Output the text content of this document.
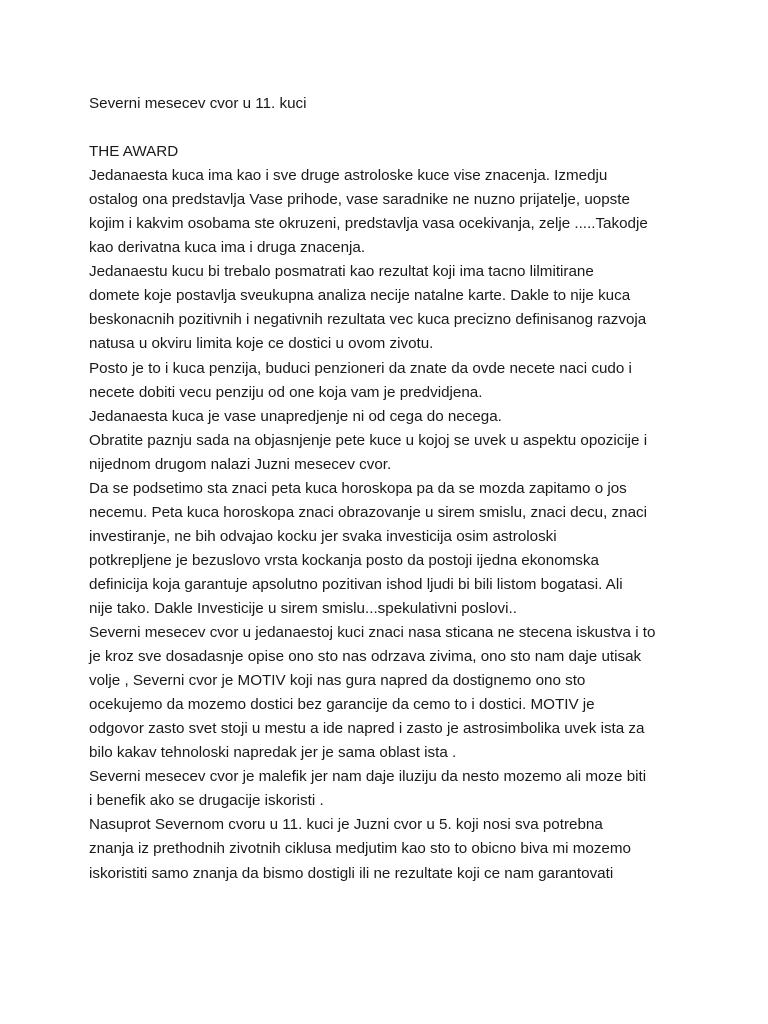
Severni mesecev cvor u 11. kuci
THE AWARD
Jedanaesta kuca ima kao i sve druge astroloske kuce vise znacenja. Izmedju
ostalog ona predstavlja Vase prihode, vase saradnike ne nuzno prijatelje, uopste
kojim i kakvim osobama ste okruzeni, predstavlja vasa ocekivanja, zelje .....Takodje
kao derivatna kuca ima i druga znacenja.
Jedanaestu kucu bi trebalo posmatrati kao rezultat koji ima tacno lilmitirane
domete koje postavlja sveukupna analiza necije natalne karte. Dakle to nije kuca
beskonacnih pozitivnih i negativnih rezultata vec kuca precizno definisanog razvoja
natusa u okviru limita koje ce dostici u ovom zivotu.
Posto je to i kuca penzija, buduci penzioneri da znate da ovde necete naci cudo i
necete dobiti vecu penziju od one koja vam je predvidjena.
Jedanaesta kuca je vase unapredjenje ni od cega do necega.
Obratite paznju sada na objasnjenje pete kuce u kojoj se uvek u aspektu opozicije i
nijednom drugom nalazi Juzni mesecev cvor.
Da se podsetimo sta znaci peta kuca horoskopa pa da se mozda zapitamo o jos
necemu. Peta kuca horoskopa znaci obrazovanje u sirem smislu, znaci decu, znaci
investiranje, ne bih odvajao kocku jer svaka investicija osim astroloski
potkrepljene je bezuslovo vrsta kockanja posto da postoji ijedna ekonomska
definicija koja garantuje apsolutno pozitivan ishod ljudi bi bili listom bogatasi. Ali
nije tako. Dakle Investicije u sirem smislu...spekulativni poslovi..
Severni mesecev cvor u jedanaestoj kuci znaci nasa sticana ne stecena iskustva i to
je kroz sve dosadasnje opise ono sto nas odrzava zivima, ono sto nam daje utisak
volje , Severni cvor je MOTIV koji nas gura napred da dostignemo ono sto
ocekujemo da mozemo dostici bez garancije da cemo to i dostici. MOTIV je
odgovor zasto svet stoji u mestu a ide napred i zasto je astrosimbolika uvek ista za
bilo kakav tehnoloski napredak jer je sama oblast ista .
Severni mesecev cvor je malefik jer nam daje iluziju da nesto mozemo ali moze biti
i benefik ako se drugacije iskoristi .
Nasuprot Severnom cvoru u 11. kuci je Juzni cvor u 5. koji nosi sva potrebna
znanja iz prethodnih zivotnih ciklusa medjutim kao sto to obicno biva mi mozemo
iskoristiti samo znanja da bismo dostigli ili ne rezultate koji ce nam garantovati
